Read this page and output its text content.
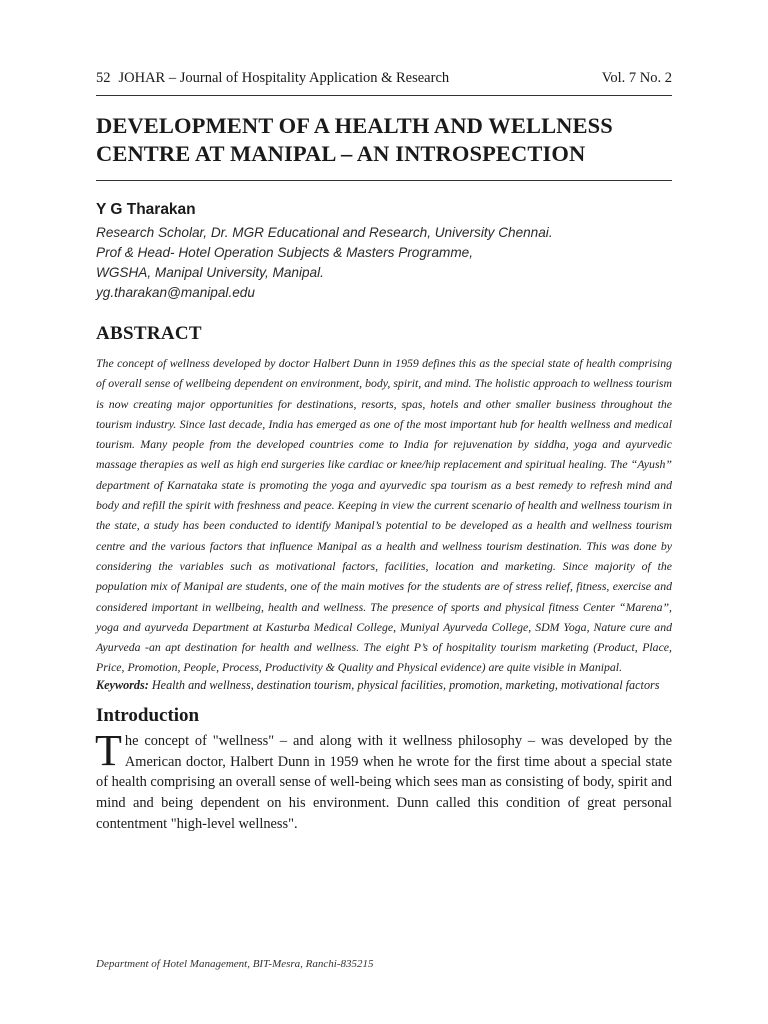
52 JOHAR – Journal of Hospitality Application & Research	Vol. 7 No. 2
DEVELOPMENT OF A HEALTH AND WELLNESS CENTRE AT MANIPAL – AN INTROSPECTION
Y G Tharakan
Research Scholar, Dr. MGR Educational and Research, University Chennai.
Prof & Head- Hotel Operation Subjects & Masters Programme,
WGSHA, Manipal University, Manipal.
yg.tharakan@manipal.edu
ABSTRACT

The concept of wellness developed by doctor Halbert Dunn in 1959 defines this as the special state of health comprising of overall sense of wellbeing dependent on environment, body, spirit, and mind. The holistic approach to wellness tourism is now creating major opportunities for destinations, resorts, spas, hotels and other smaller business throughout the tourism industry. Since last decade, India has emerged as one of the most important hub for health wellness and medical tourism. Many people from the developed countries come to India for rejuvenation by siddha, yoga and ayurvedic massage therapies as well as high end surgeries like cardiac or knee/hip replacement and spiritual healing. The “Ayush” department of Karnataka state is promoting the yoga and ayurvedic spa tourism as a best remedy to refresh mind and body and refill the spirit with freshness and peace. Keeping in view the current scenario of health and wellness tourism in the state, a study has been conducted to identify Manipal’s potential to be developed as a health and wellness tourism centre and the various factors that influence Manipal as a health and wellness tourism destination. This was done by considering the variables such as motivational factors, facilities, location and marketing. Since majority of the population mix of Manipal are students, one of the main motives for the students are of stress relief, fitness, exercise and considered important in wellbeing, health and wellness. The presence of sports and physical fitness Center “Marena”, yoga and ayurveda Department at Kasturba Medical College, Muniyal Ayurveda College, SDM Yoga, Nature cure and Ayurveda -an apt destination for health and wellness. The eight P’s of hospitality tourism marketing (Product, Place, Price, Promotion, People, Process, Productivity & Quality and Physical evidence) are quite visible in Manipal.

Keywords: Health and wellness, destination tourism, physical facilities, promotion, marketing, motivational factors
Introduction

The concept of "wellness" – and along with it wellness philosophy – was developed by the American doctor, Halbert Dunn in 1959 when he wrote for the first time about a special state of health comprising an overall sense of well-being which sees man as consisting of body, spirit and mind and being dependent on his environment. Dunn called this condition of great personal contentment "high-level wellness".

Department of Hotel Management, BIT-Mesra, Ranchi-835215
